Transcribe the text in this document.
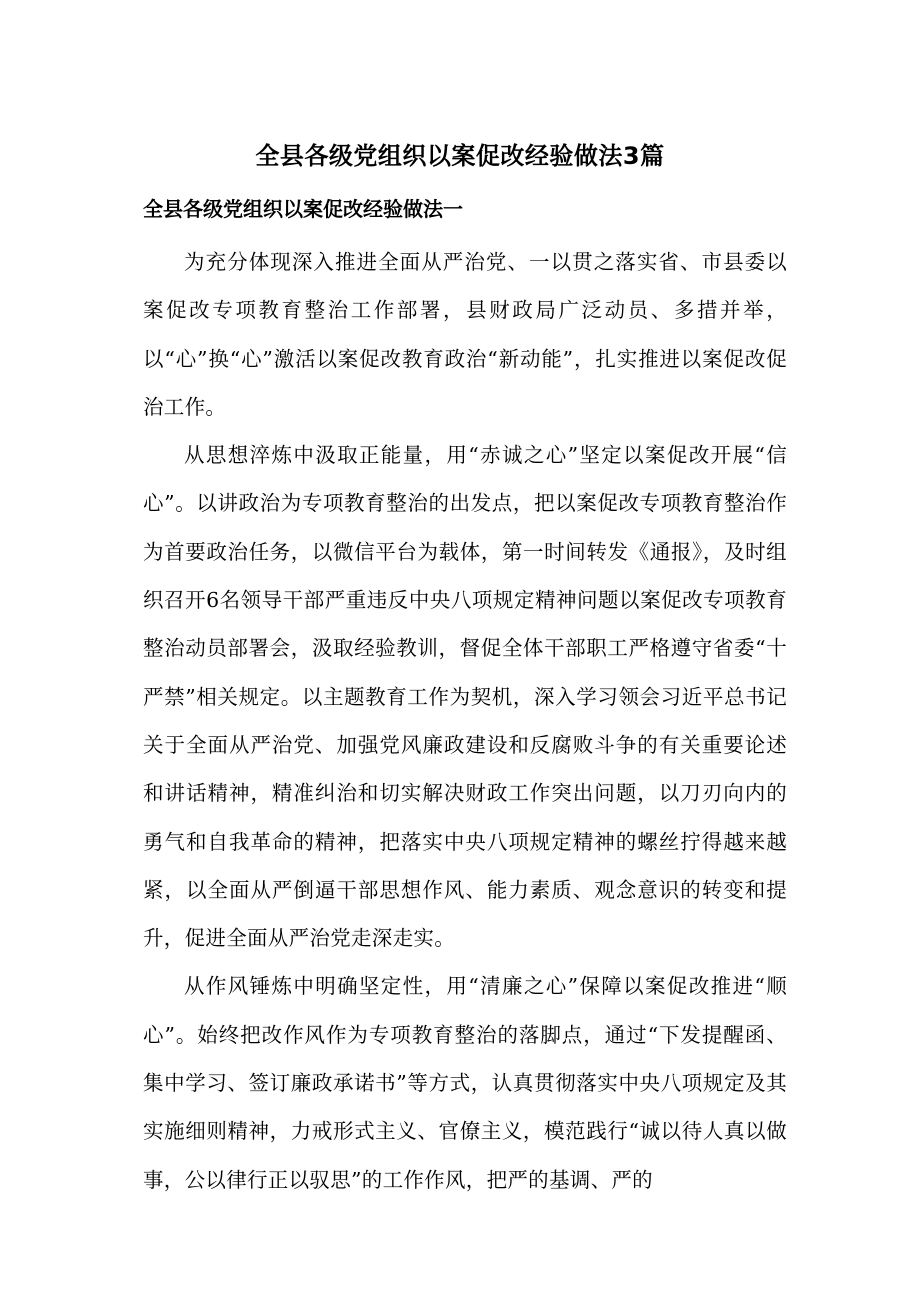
全县各级党组织以案促改经验做法3篇
全县各级党组织以案促改经验做法一

为充分体现深入推进全面从严治党、一以贯之落实省、市县委以案促改专项教育整治工作部署，县财政局广泛动员、多措并举，以“心”换“心”激活以案促改教育政治“新动能”，扎实推进以案促改促治工作。

从思想淬炼中汲取正能量，用“赤诚之心”坚定以案促改开展“信心”。以讲政治为专项教育整治的出发点，把以案促改专项教育整治作为首要政治任务，以微信平台为载体，第一时间转发《通报》，及时组织召开6名领导干部严重违反中央八项规定精神问题以案促改专项教育整治动员部署会，汲取经验教训，督促全体干部职工严格遵守省委“十严禁”相关规定。以主题教育工作为契机，深入学习领会习近平总书记关于全面从严治党、加强党风廉政建设和反腐败斗争的有关重要论述和讲话精神，精准纠治和切实解决财政工作突出问题，以刀刃向内的勇气和自我革命的精神，把落实中央八项规定精神的螺丝拧得越来越紧，以全面从严倒逼干部思想作风、能力素质、观念意识的转变和提升，促进全面从严治党走深走实。

从作风锤炼中明确坚定性，用“清廉之心”保障以案促改推进“顺心”。始终把改作风作为专项教育整治的落脚点，通过“下发提醒函、集中学习、签订廉政承诺书”等方式，认真贯彻落实中央八项规定及其实施细则精神，力戒形式主义、官僚主义，模范践行“诚以待人真以做事，公以律行正以驭思”的工作作风，把严的基调、严的
